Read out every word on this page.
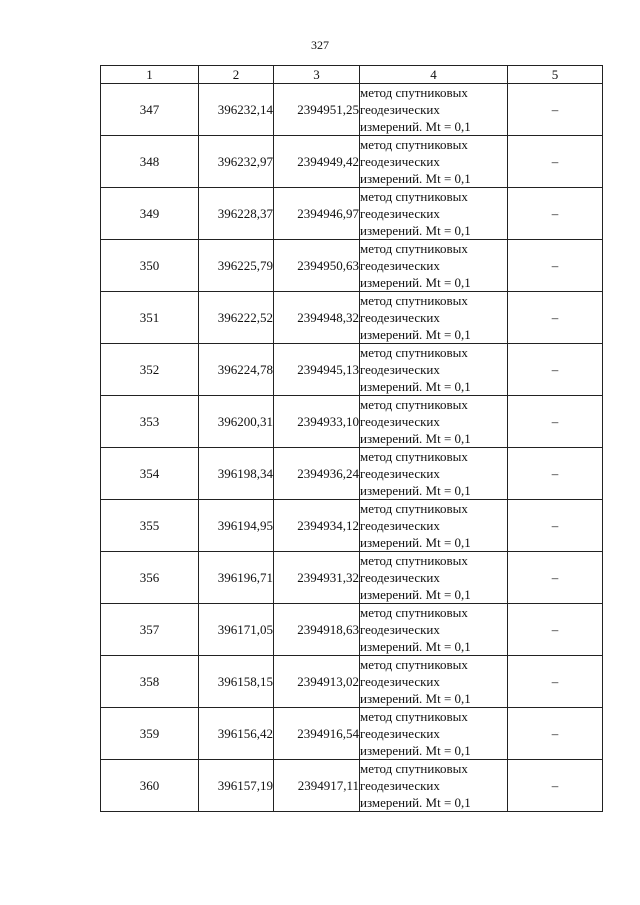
327
1	2	3	4	5
347	396232,14	2394951,25	метод спутниковых
геодезических
измерений. Mt = 0,1	–
348	396232,97	2394949,42	метод спутниковых
геодезических
измерений. Mt = 0,1	–
349	396228,37	2394946,97	метод спутниковых
геодезических
измерений. Mt = 0,1	–
350	396225,79	2394950,63	метод спутниковых
геодезических
измерений. Mt = 0,1	–
351	396222,52	2394948,32	метод спутниковых
геодезических
измерений. Mt = 0,1	–
352	396224,78	2394945,13	метод спутниковых
геодезических
измерений. Mt = 0,1	–
353	396200,31	2394933,10	метод спутниковых
геодезических
измерений. Mt = 0,1	–
354	396198,34	2394936,24	метод спутниковых
геодезических
измерений. Mt = 0,1	–
355	396194,95	2394934,12	метод спутниковых
геодезических
измерений. Mt = 0,1	–
356	396196,71	2394931,32	метод спутниковых
геодезических
измерений. Mt = 0,1	–
357	396171,05	2394918,63	метод спутниковых
геодезических
измерений. Mt = 0,1	–
358	396158,15	2394913,02	метод спутниковых
геодезических
измерений. Mt = 0,1	–
359	396156,42	2394916,54	метод спутниковых
геодезических
измерений. Mt = 0,1	–
360	396157,19	2394917,11	метод спутниковых
геодезических
измерений. Mt = 0,1	–
